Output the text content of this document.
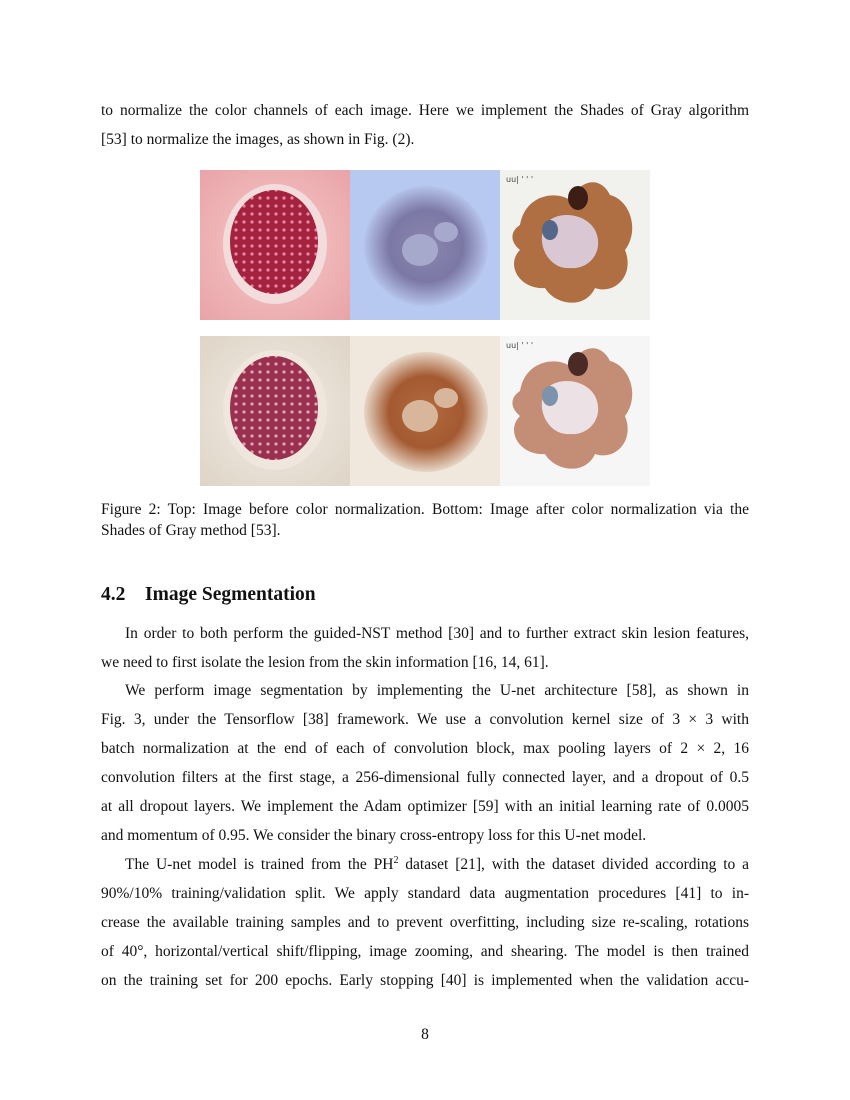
to normalize the color channels of each image. Here we implement the Shades of Gray algorithm
[53] to normalize the images, as shown in Fig. (2).
uu| ' ' '
uu| ' ' '
Figure 2: Top: Image before color normalization. Bottom: Image after color normalization via the
Shades of Gray method [53].
4.2 Image Segmentation
In order to both perform the guided-NST method [30] and to further extract skin lesion features,
we need to first isolate the lesion from the skin information [16, 14, 61].
We perform image segmentation by implementing the U-net architecture [58], as shown in
Fig. 3, under the Tensorflow [38] framework. We use a convolution kernel size of 3 × 3 with
batch normalization at the end of each of convolution block, max pooling layers of 2 × 2, 16
convolution filters at the first stage, a 256-dimensional fully connected layer, and a dropout of 0.5
at all dropout layers. We implement the Adam optimizer [59] with an initial learning rate of 0.0005
and momentum of 0.95. We consider the binary cross-entropy loss for this U-net model.
The U-net model is trained from the $PH^2$ dataset [21], with the dataset divided according to a
90%/10% training/validation split. We apply standard data augmentation procedures [41] to in-
crease the available training samples and to prevent overfitting, including size re-scaling, rotations
of 40°, horizontal/vertical shift/flipping, image zooming, and shearing. The model is then trained
on the training set for 200 epochs. Early stopping [40] is implemented when the validation accu-
8
